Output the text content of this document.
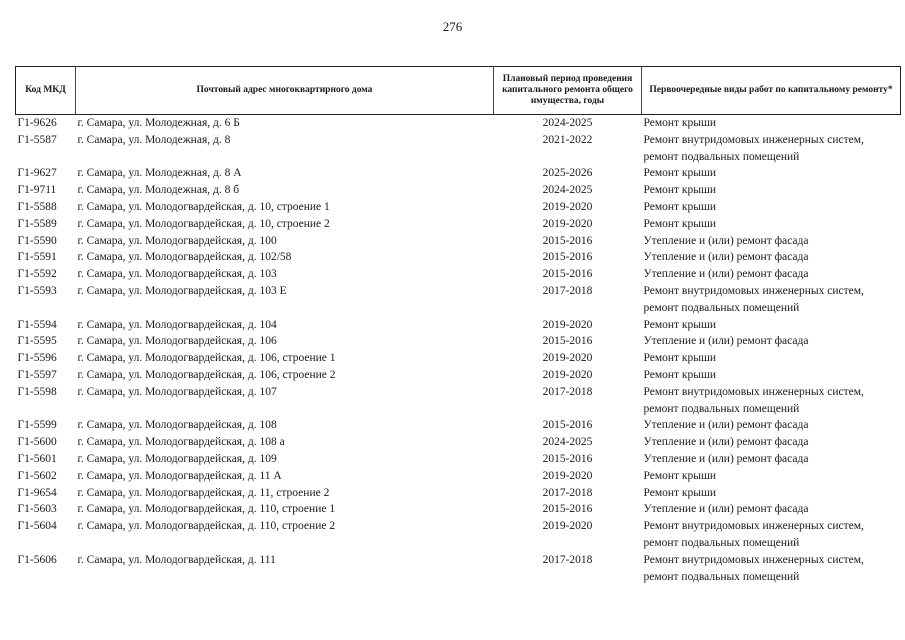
276
Код МКД	Почтовый адрес многоквартирного дома	Плановый период проведения капитального ремонта общего имущества, годы	Первоочередные виды работ по капитальному ремонту*
Г1-9626	г. Самара, ул. Молодежная, д. 6 Б	2024-2025	Ремонт крыши
Г1-5587	г. Самара, ул. Молодежная, д. 8	2021-2022	Ремонт внутридомовых инженерных систем, ремонт подвальных помещений
Г1-9627	г. Самара, ул. Молодежная, д. 8 А	2025-2026	Ремонт крыши
Г1-9711	г. Самара, ул. Молодежная, д. 8 б	2024-2025	Ремонт крыши
Г1-5588	г. Самара, ул. Молодогвардейская, д. 10, строение 1	2019-2020	Ремонт крыши
Г1-5589	г. Самара, ул. Молодогвардейская, д. 10, строение 2	2019-2020	Ремонт крыши
Г1-5590	г. Самара, ул. Молодогвардейская, д. 100	2015-2016	Утепление и (или) ремонт фасада
Г1-5591	г. Самара, ул. Молодогвардейская, д. 102/58	2015-2016	Утепление и (или) ремонт фасада
Г1-5592	г. Самара, ул. Молодогвардейская, д. 103	2015-2016	Утепление и (или) ремонт фасада
Г1-5593	г. Самара, ул. Молодогвардейская, д. 103 Е	2017-2018	Ремонт внутридомовых инженерных систем, ремонт подвальных помещений
Г1-5594	г. Самара, ул. Молодогвардейская, д. 104	2019-2020	Ремонт крыши
Г1-5595	г. Самара, ул. Молодогвардейская, д. 106	2015-2016	Утепление и (или) ремонт фасада
Г1-5596	г. Самара, ул. Молодогвардейская, д. 106, строение 1	2019-2020	Ремонт крыши
Г1-5597	г. Самара, ул. Молодогвардейская, д. 106, строение 2	2019-2020	Ремонт крыши
Г1-5598	г. Самара, ул. Молодогвардейская, д. 107	2017-2018	Ремонт внутридомовых инженерных систем, ремонт подвальных помещений
Г1-5599	г. Самара, ул. Молодогвардейская, д. 108	2015-2016	Утепление и (или) ремонт фасада
Г1-5600	г. Самара, ул. Молодогвардейская, д. 108 а	2024-2025	Утепление и (или) ремонт фасада
Г1-5601	г. Самара, ул. Молодогвардейская, д. 109	2015-2016	Утепление и (или) ремонт фасада
Г1-5602	г. Самара, ул. Молодогвардейская, д. 11 А	2019-2020	Ремонт крыши
Г1-9654	г. Самара, ул. Молодогвардейская, д. 11, строение 2	2017-2018	Ремонт крыши
Г1-5603	г. Самара, ул. Молодогвардейская, д. 110, строение 1	2015-2016	Утепление и (или) ремонт фасада
Г1-5604	г. Самара, ул. Молодогвардейская, д. 110, строение 2	2019-2020	Ремонт внутридомовых инженерных систем, ремонт подвальных помещений
Г1-5606	г. Самара, ул. Молодогвардейская, д. 111	2017-2018	Ремонт внутридомовых инженерных систем, ремонт подвальных помещений
